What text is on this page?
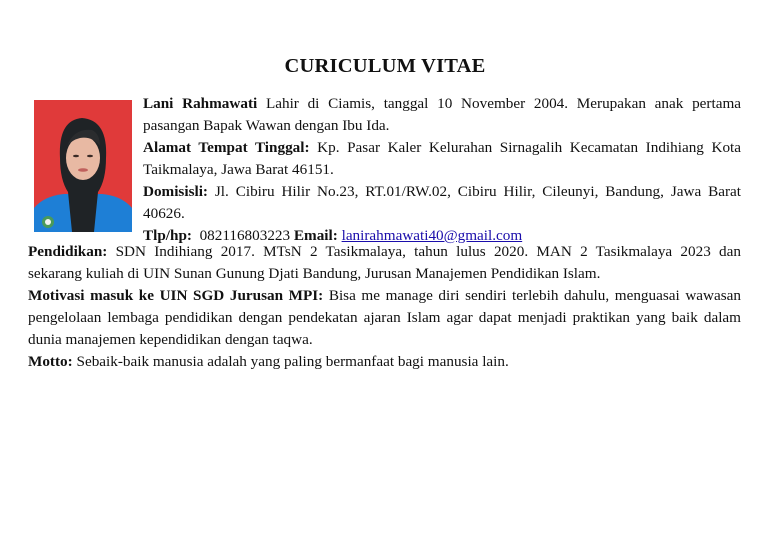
CURICULUM VITAE
Lani Rahmawati Lahir di Ciamis, tanggal 10 November 2004. Merupakan anak pertama
pasangan Bapak Wawan dengan Ibu Ida.
Alamat Tempat Tinggal: Kp. Pasar Kaler Kelurahan Sirnagalih Kecamatan Indihiang Kota
Taikmalaya, Jawa Barat 46151.
Domisisli: Jl. Cibiru Hilir No.23, RT.01/RW.02, Cibiru Hilir, Cileunyi, Bandung, Jawa Barat
40626.
Tlp/hp:  082116803223 Email: lanirahmawati40@gmail.com
Pendidikan: SDN Indihiang 2017. MTsN 2 Tasikmalaya, tahun lulus 2020. MAN 2 Tasikmalaya 2023 dan
sekarang kuliah di UIN Sunan Gunung Djati Bandung, Jurusan Manajemen Pendidikan Islam.
Motivasi masuk ke UIN SGD Jurusan MPI: Bisa me manage diri sendiri terlebih dahulu, menguasai wawasan
pengelolaan lembaga pendidikan dengan pendekatan ajaran Islam agar dapat menjadi praktikan yang baik dalam
dunia manajemen kependidikan dengan taqwa.
Motto: Sebaik-baik manusia adalah yang paling bermanfaat bagi manusia lain.
